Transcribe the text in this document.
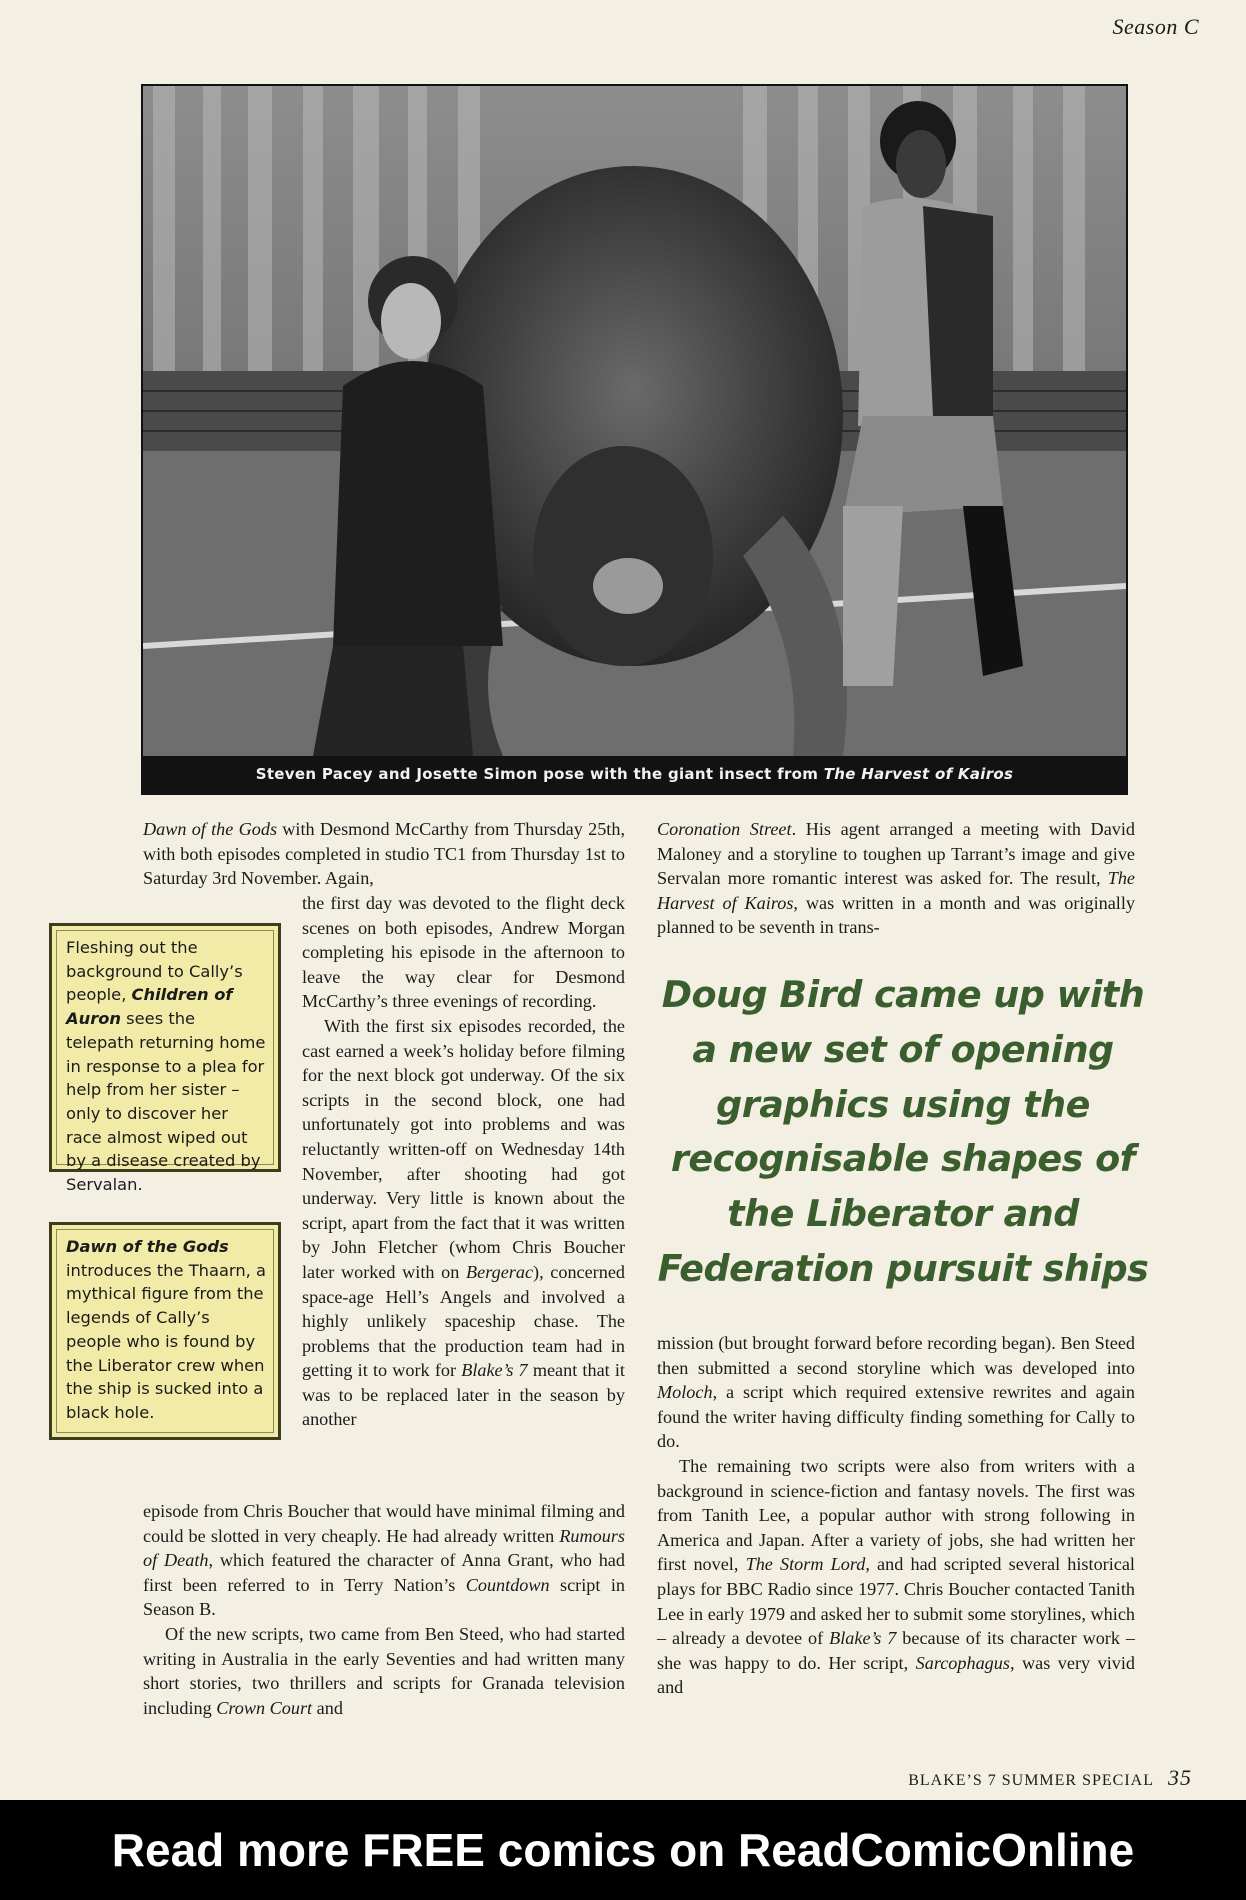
Season C
Steven Pacey and Josette Simon pose with the giant insect from The Harvest of Kairos

Dawn of the Gods with Desmond McCarthy from Thursday 25th, with both episodes completed in studio TC1 from Thursday 1st to Saturday 3rd November. Again,

the first day was devoted to the flight deck scenes on both episodes, Andrew Morgan completing his episode in the afternoon to leave the way clear for Desmond McCarthy’s three evenings of recording.

With the first six episodes recorded, the cast earned a week’s holiday before filming for the next block got underway. Of the six scripts in the second block, one had unfortunately got into problems and was reluctantly written-off on Wednesday 14th November, after shooting had got underway. Very little is known about the script, apart from the fact that it was written by John Fletcher (whom Chris Boucher later worked with on Bergerac), concerned space-age Hell’s Angels and involved a highly unlikely spaceship chase. The problems that the production team had in getting it to work for Blake’s 7 meant that it was to be replaced later in the season by another

episode from Chris Boucher that would have minimal filming and could be slotted in very cheaply. He had already written Rumours of Death, which featured the character of Anna Grant, who had first been referred to in Terry Nation’s Countdown script in Season B.

Of the new scripts, two came from Ben Steed, who had started writing in Australia in the early Seventies and had written many short stories, two thrillers and scripts for Granada television including Crown Court and

Fleshing out the background to Cally’s people, Children of Auron sees the telepath returning home in response to a plea for help from her sister – only to discover her race almost wiped out by a disease created by Servalan.
Dawn of the Gods introduces the Thaarn, a mythical figure from the legends of Cally’s people who is found by the Liberator crew when the ship is sucked into a black hole.

Coronation Street. His agent arranged a meeting with David Maloney and a storyline to toughen up Tarrant’s image and give Servalan more romantic interest was asked for. The result, The Harvest of Kairos, was written in a month and was originally planned to be seventh in trans-

Doug Bird came up with a new set of opening graphics using the recognisable shapes of the Liberator and Federation pursuit ships

mission (but brought forward before recording began). Ben Steed then submitted a second storyline which was developed into Moloch, a script which required extensive rewrites and again found the writer having difficulty finding something for Cally to do.

The remaining two scripts were also from writers with a background in science-fiction and fantasy novels. The first was from Tanith Lee, a popular author with strong following in America and Japan. After a variety of jobs, she had written her first novel, The Storm Lord, and had scripted several historical plays for BBC Radio since 1977. Chris Boucher contacted Tanith Lee in early 1979 and asked her to submit some storylines, which – already a devotee of Blake’s 7 because of its character work – she was happy to do. Her script, Sarcophagus, was very vivid and

BLAKE’S 7 SUMMER SPECIAL 35
Read more FREE comics on ReadComicOnline
